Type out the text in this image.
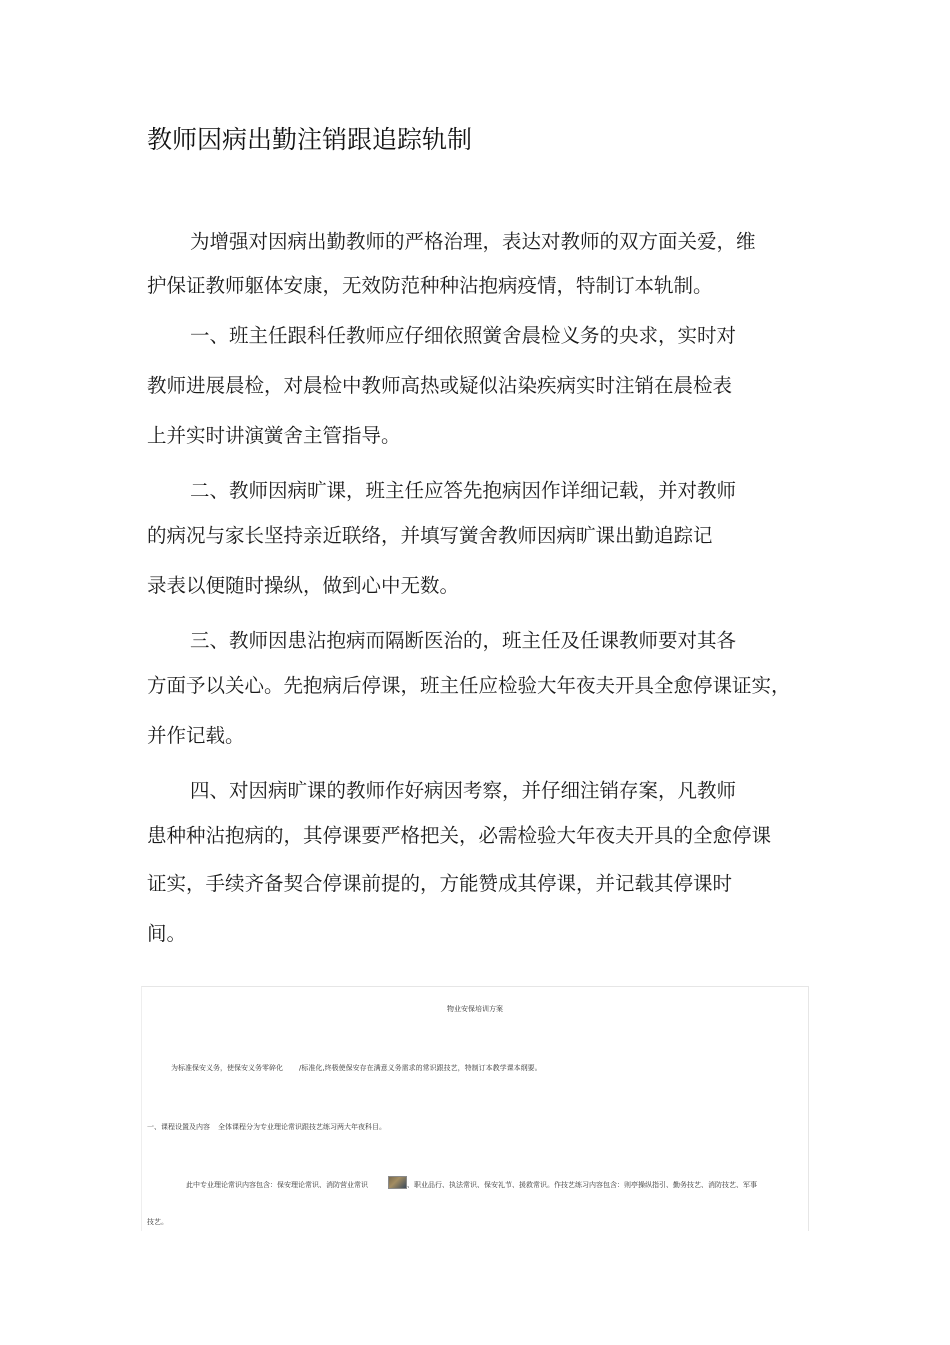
教师因病出勤注销跟追踪轨制
为增强对因病出勤教师的严格治理，表达对教师的双方面关爱，维
护保证教师躯体安康，无效防范种种沾抱病疫情，特制订本轨制。
一、班主任跟科任教师应仔细依照黉舍晨检义务的央求，实时对
教师进展晨检，对晨检中教师高热或疑似沾染疾病实时注销在晨检表
上并实时讲演黉舍主管指导。
二、教师因病旷课，班主任应答先抱病因作详细记载，并对教师
的病况与家长坚持亲近联络，并填写黉舍教师因病旷课出勤追踪记
录表以便随时操纵，做到心中无数。
三、教师因患沾抱病而隔断医治的，班主任及任课教师要对其各
方面予以关心。先抱病后停课，班主任应检验大年夜夫开具全愈停课证实，
并作记载。
四、对因病旷课的教师作好病因考察，并仔细注销存案，凡教师
患种种沾抱病的，其停课要严格把关，必需检验大年夜夫开具的全愈停课
证实，手续齐备契合停课前提的，方能赞成其停课，并记载其停课时
间。
物业安保培训方案
为标准保安义务，使保安义务零碎化 /标准化,终极使保安存在满意义务需求的常识跟技艺，特制订本教学课本纲要。
一、课程设置及内容 全体课程分为专业理论常识跟技艺练习两大年夜科目。
此中专业理论常识内容包含：保安理论常识、消防营业常识	、职业品行、执法常识、保安礼节、援救常识。作技艺练习内容包含：则亭操纵指引、勤务技艺、消防技艺、军事
技艺。
